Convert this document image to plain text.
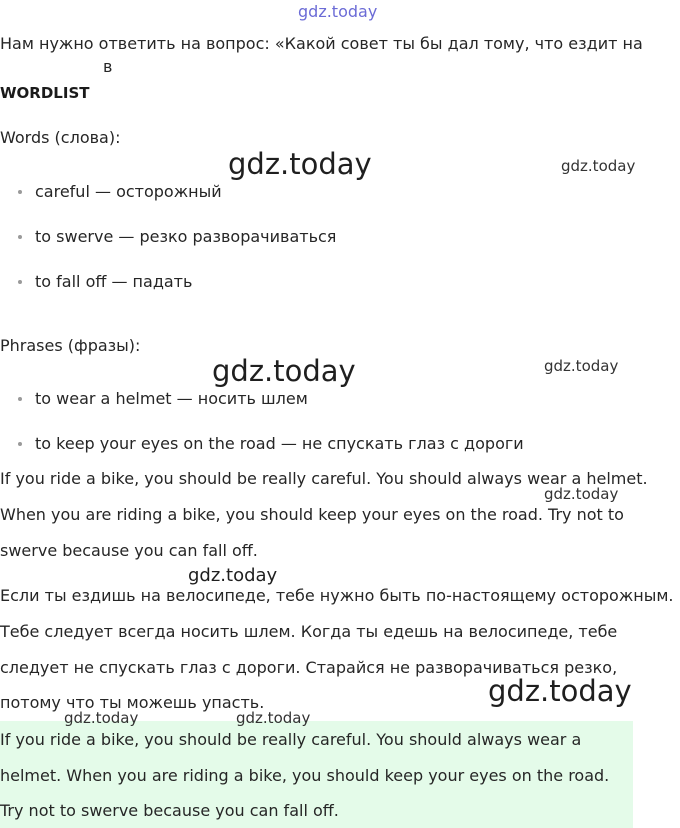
gdz.today
Нам нужно ответить на вопрос: «Какой совет ты бы дал тому, что ездит на
в
WORDLIST
Words (слова):
gdz.today	gdz.today
careful — осторожный
to swerve — резко разворачиваться
to fall off — падать
Phrases (фразы):
gdz.today	gdz.today
to wear a helmet — носить шлем
to keep your eyes on the road — не спускать глаз с дороги
If you ride a bike, you should be really careful. You should always wear a helmet.
gdz.today
When you are riding a bike, you should keep your eyes on the road. Try not to
swerve because you can fall off.
gdz.today
Если ты ездишь на велосипеде, тебе нужно быть по-настоящему осторожным.
Тебе следует всегда носить шлем. Когда ты едешь на велосипеде, тебе
следует не спускать глаз с дороги. Старайся не разворачиваться резко,
потому что ты можешь упасть.	gdz.today
gdz.today	gdz.today
If you ride a bike, you should be really careful. You should always wear a
helmet. When you are riding a bike, you should keep your eyes on the road.
Try not to swerve because you can fall off.
